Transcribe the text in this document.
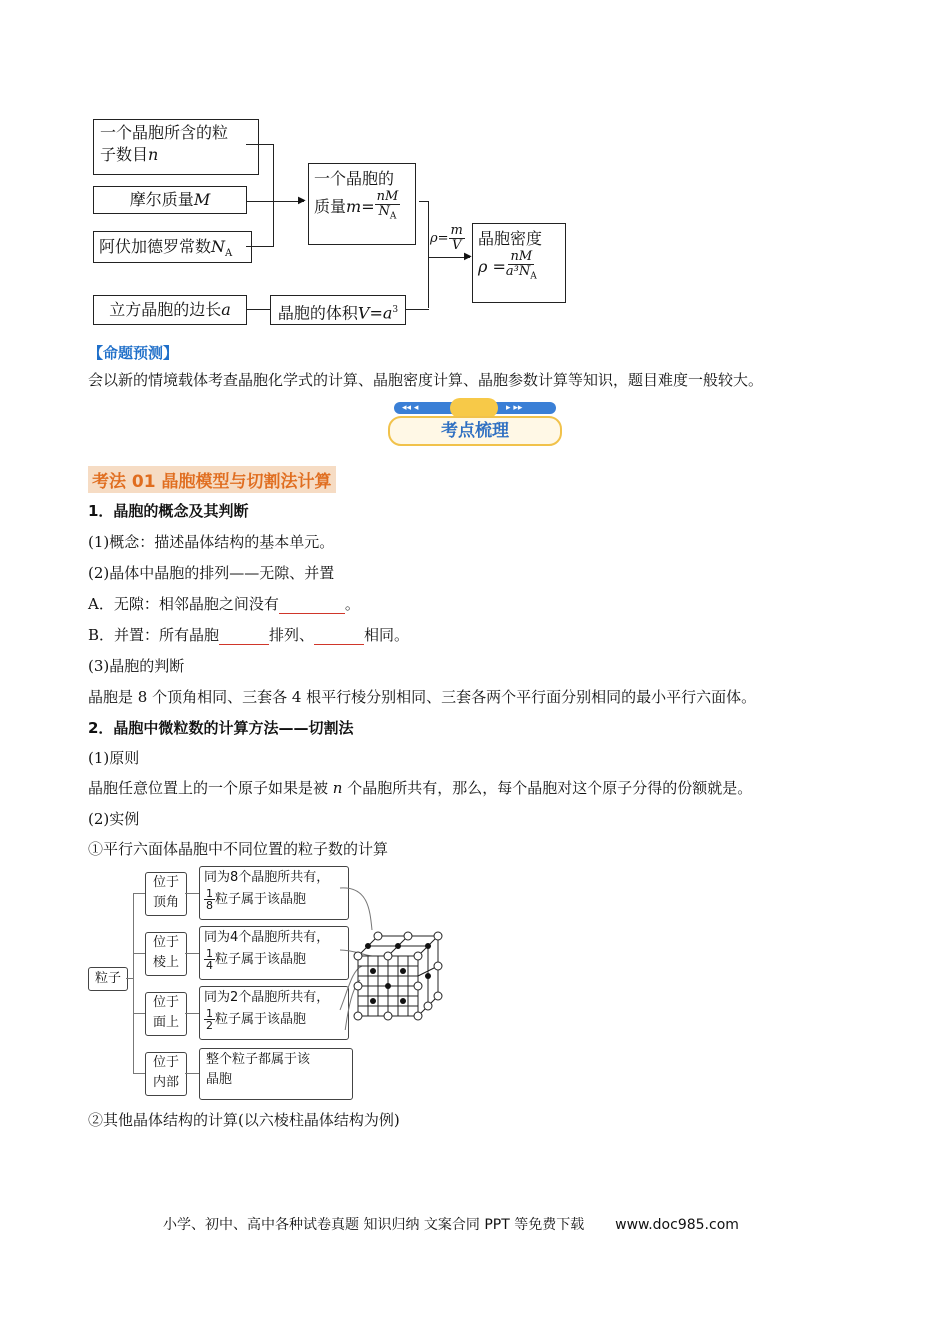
一个晶胞所含的粒
子数目n
摩尔质量M
阿伏加德罗常数$N_A$
▶
一个晶胞的
质量 $m= \frac{nM}{N_A}$
▶
$\rho= \frac{m}{V}$ 晶胞密度
$\rho = \frac{nM}{a^3N_A}$
立方晶胞的边长a	晶胞的体积$V=a^3$
【命题预测】
会以新的情境载体考查晶胞化学式的计算、晶胞密度计算、晶胞参数计算等知识，题目难度一般较大。
◂◂ ◂	▸ ▸▸
考点梳理
考法 01 晶胞模型与切割法计算
1．晶胞的概念及其判断
(1)概念：描述晶体结构的基本单元。
(2)晶体中晶胞的排列——无隙、并置
A．无隙：相邻晶胞之间没有	。
B．并置：所有晶胞	排列、	相同。
(3)晶胞的判断
晶胞是 8 个顶角相同、三套各 4 根平行棱分别相同、三套各两个平行面分别相同的最小平行六面体。
2．晶胞中微粒数的计算方法——切割法
(1)原则
晶胞任意位置上的一个原子如果是被 n 个晶胞所共有，那么，每个晶胞对这个原子分得的份额就是。
(2)实例
①平行六面体晶胞中不同位置的粒子数的计算
粒子
位于
顶角
位于
棱上
位于
面上
位于
内部
同为8个晶胞所共有，
$\frac{1}{8}$ 粒子属于该晶胞
同为4个晶胞所共有，
$\frac{1}{4}$ 粒子属于该晶胞
同为2个晶胞所共有，
$\frac{1}{2}$ 粒子属于该晶胞
整个粒子都属于该
晶胞
②其他晶体结构的计算(以六棱柱晶体结构为例)
小学、初中、高中各种试卷真题 知识归纳 文案合同 PPT 等免费下载 www.doc985.com
